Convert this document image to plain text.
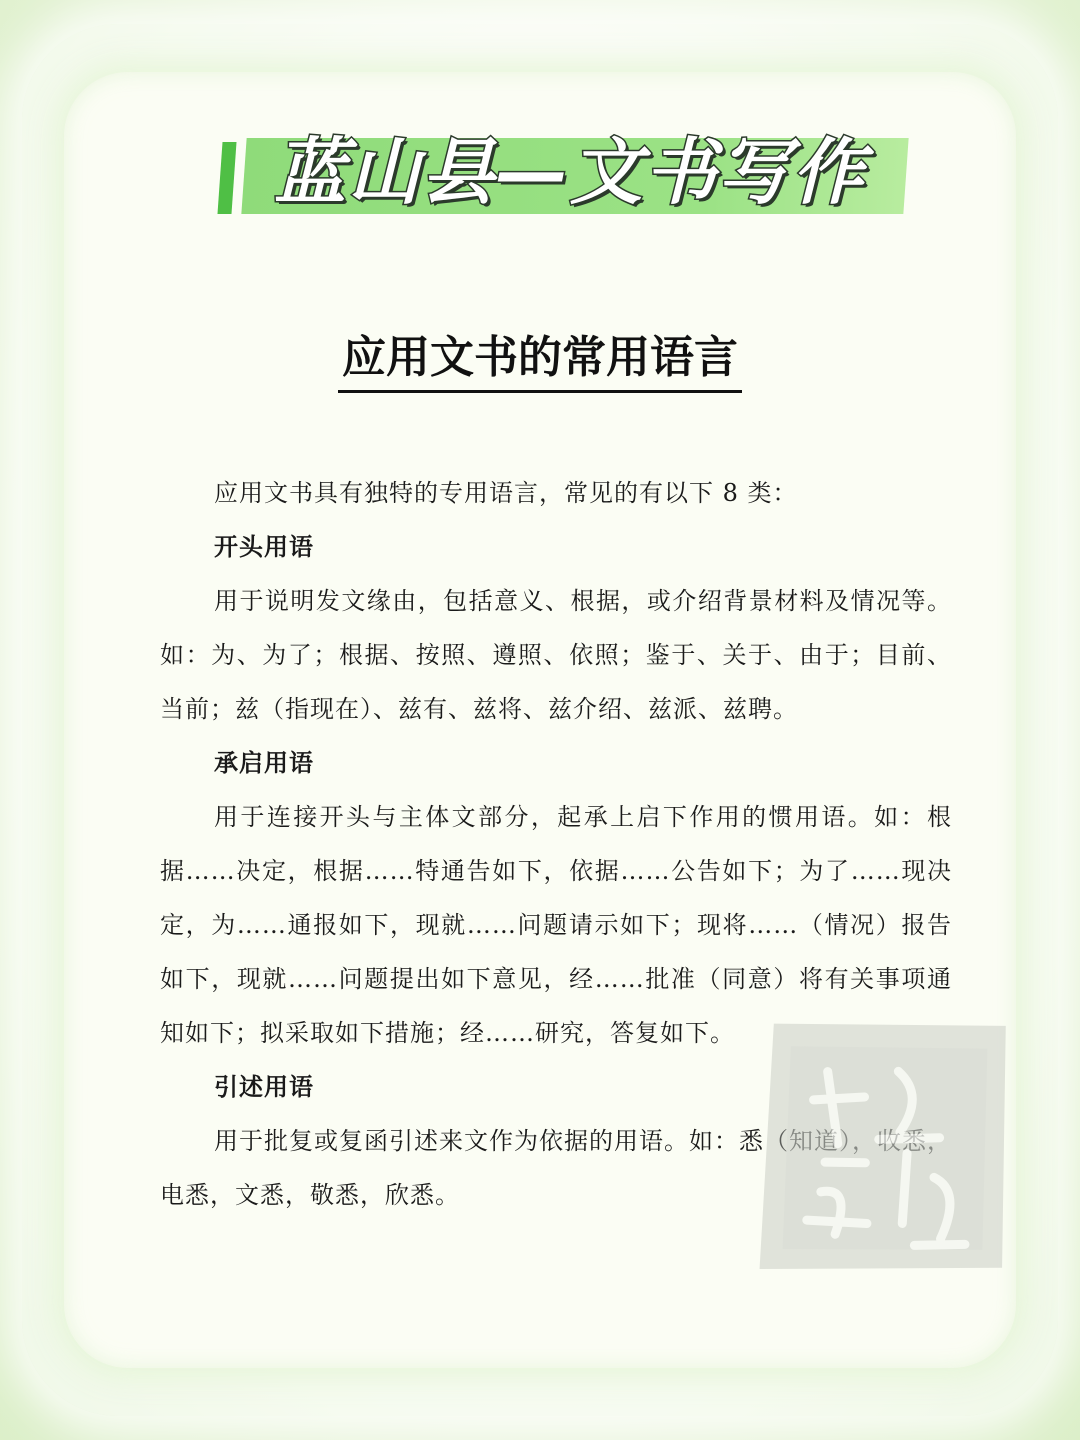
蓝山县—文书写作
应用文书的常用语言

应用文书具有独特的专用语言，常见的有以下 8 类：

开头用语

用于说明发文缘由，包括意义、根据，或介绍背景材料及情况等。如：为、为了；根据、按照、遵照、依照；鉴于、关于、由于；目前、当前；兹（指现在）、兹有、兹将、兹介绍、兹派、兹聘。

承启用语

用于连接开头与主体文部分，起承上启下作用的惯用语。如：根据……决定，根据……特通告如下，依据……公告如下；为了……现决定，为……通报如下，现就……问题请示如下；现将……（情况）报告如下，现就……问题提出如下意见，经……批准（同意）将有关事项通知如下；拟采取如下措施；经……研究，答复如下。

引述用语

用于批复或复函引述来文作为依据的用语。如：悉（知道），收悉，电悉，文悉，敬悉，欣悉。
